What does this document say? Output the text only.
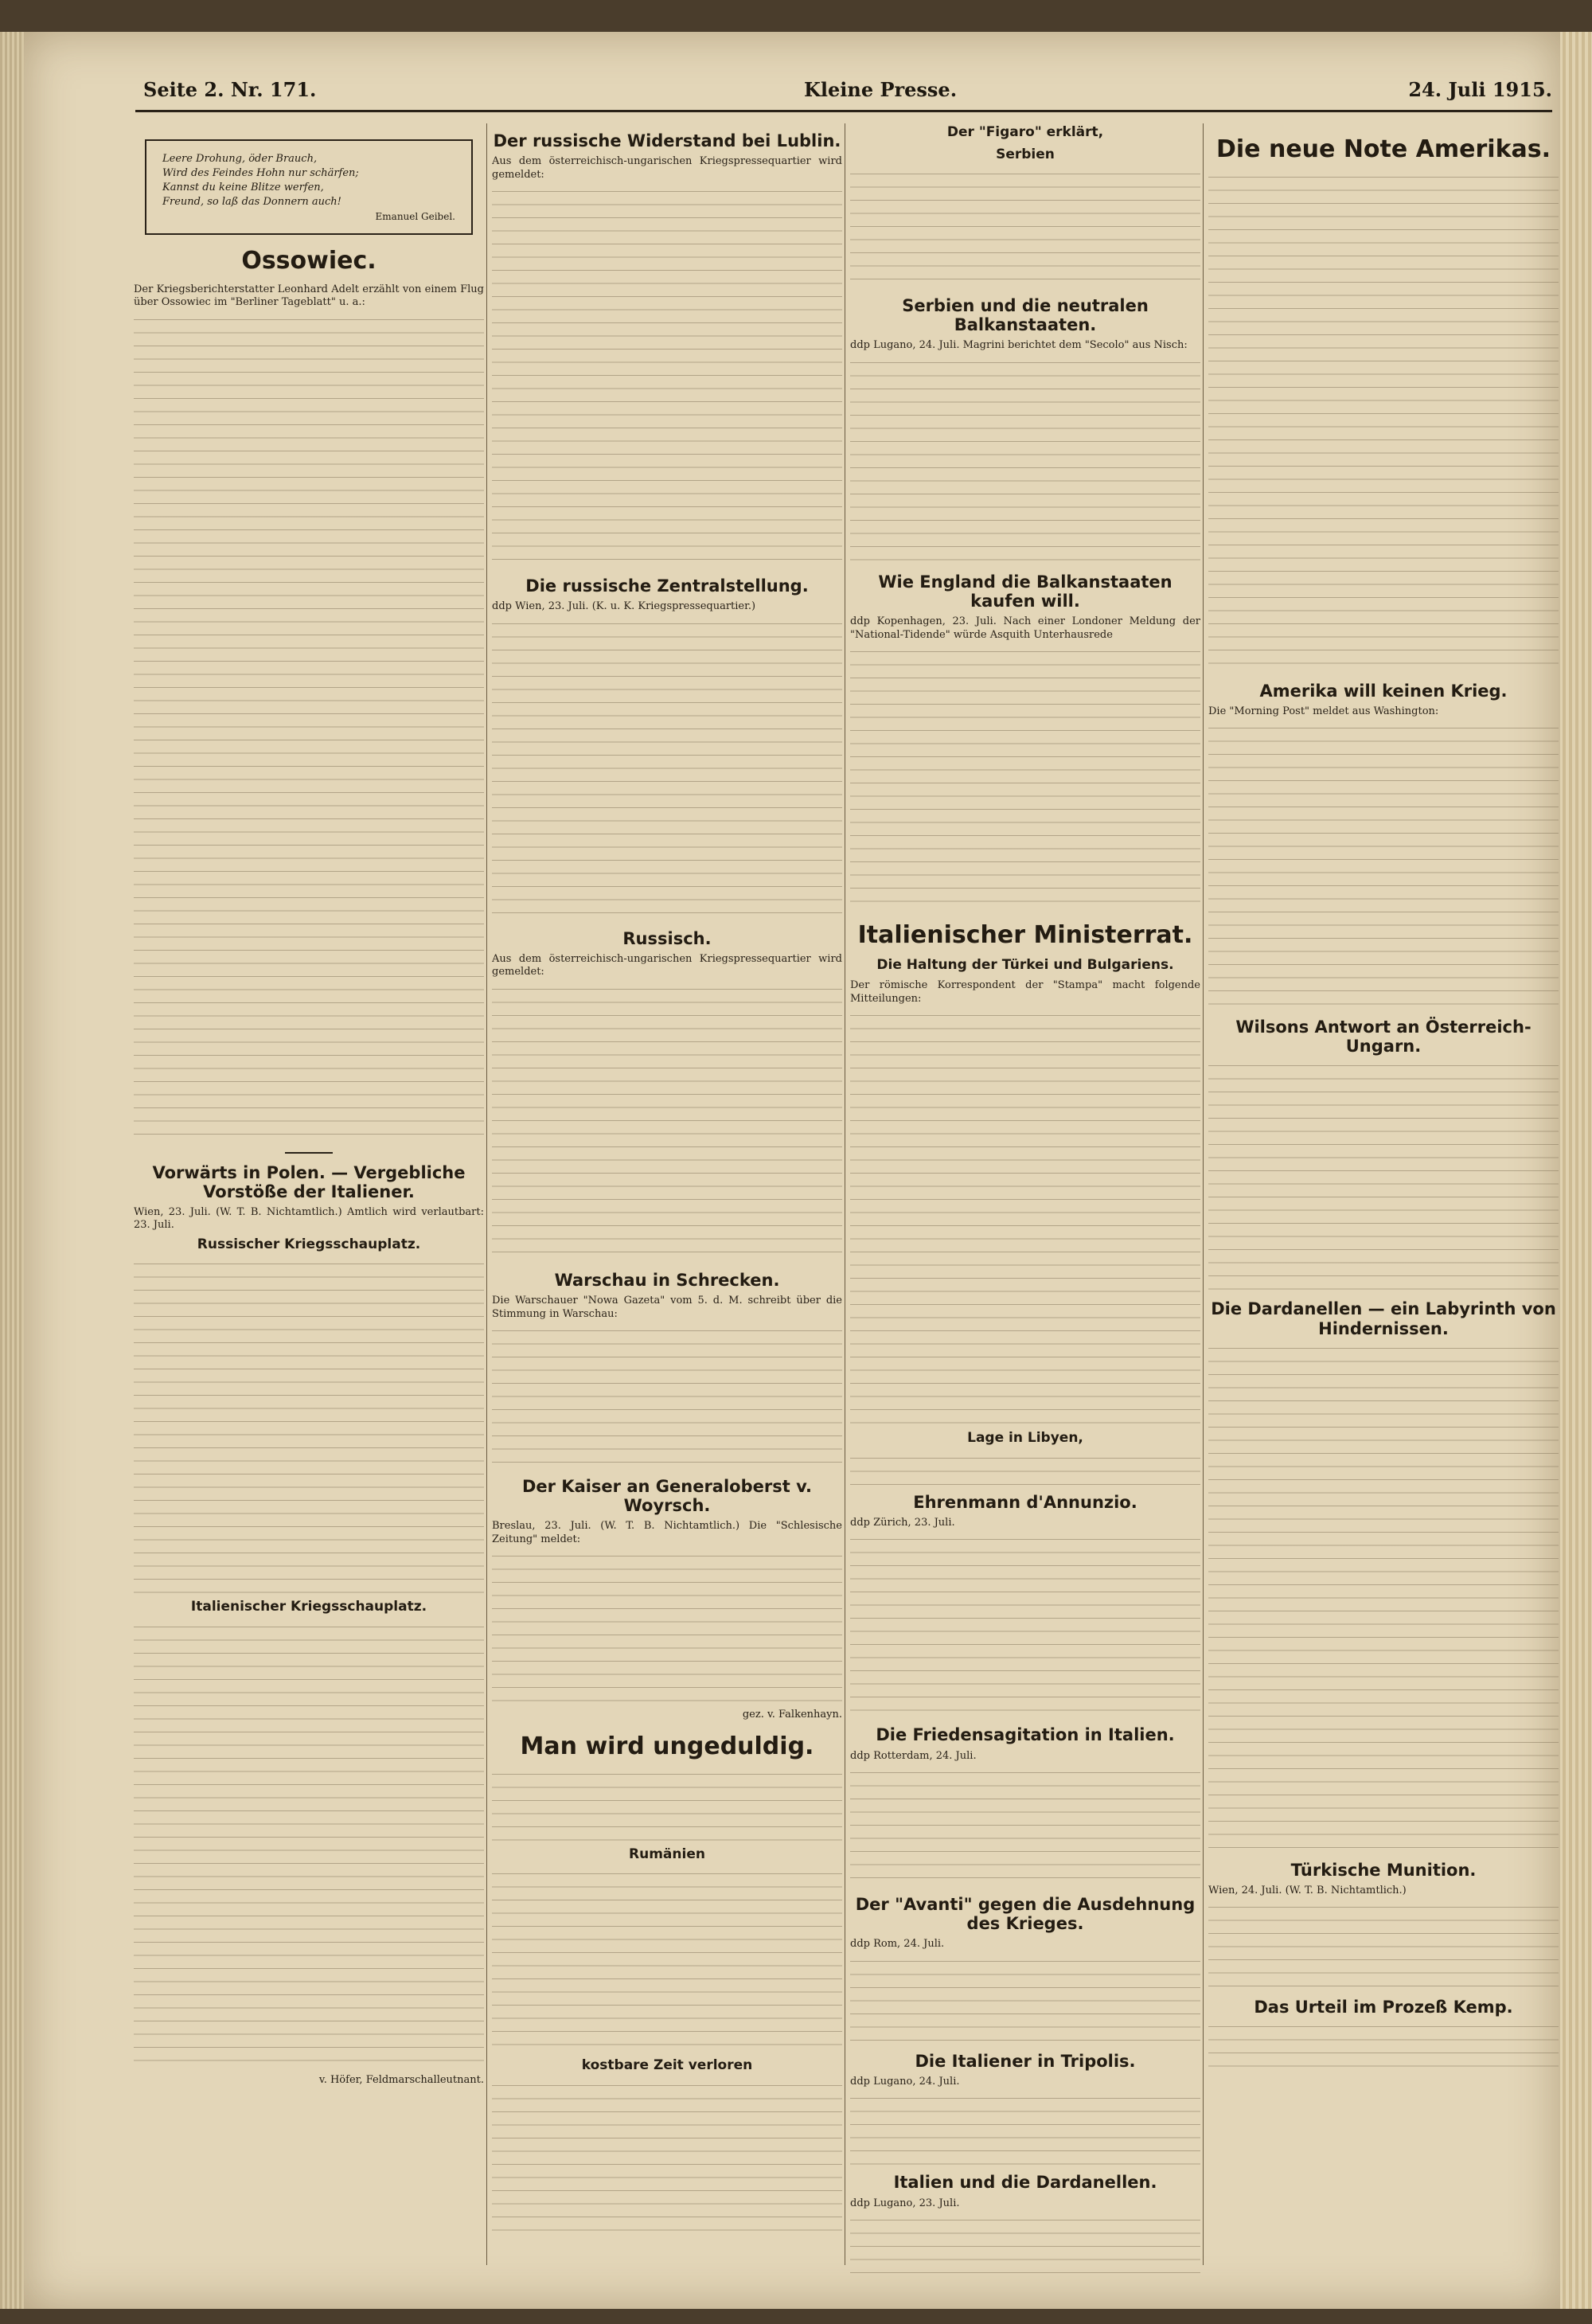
Seite 2. Nr. 171.	Kleine Presse.	24. Juli 1915.
Leere Drohung, öder Brauch,
Wird des Feindes Hohn nur schärfen;
Kannst du keine Blitze werfen,
Freund, so laß das Donnern auch!
Emanuel Geibel.
Ossowiec.

Der Kriegsberichterstatter Leonhard Adelt erzählt von einem Flug über Ossowiec im "Berliner Tageblatt" u. a.:

Vorwärts in Polen. — Vergebliche Vorstöße der Italiener.

Wien, 23. Juli. (W. T. B. Nichtamtlich.) Amtlich wird verlautbart: 23. Juli.

Russischer Kriegsschauplatz.
Italienischer Kriegsschauplatz.
v. Höfer, Feldmarschalleutnant.
Der russische Widerstand bei Lublin.

Aus dem österreichisch-ungarischen Kriegspressequartier wird gemeldet:

Die russische Zentralstellung.

ddp Wien, 23. Juli. (K. u. K. Kriegspressequartier.)

Russisch.

Aus dem österreichisch-ungarischen Kriegspressequartier wird gemeldet:

Warschau in Schrecken.

Die Warschauer "Nowa Gazeta" vom 5. d. M. schreibt über die Stimmung in Warschau:

Der Kaiser an Generaloberst v. Woyrsch.

Breslau, 23. Juli. (W. T. B. Nichtamtlich.) Die "Schlesische Zeitung" meldet:

gez. v. Falkenhayn.
Man wird ungeduldig.
Rumänien
kostbare Zeit verloren
Der "Figaro" erklärt,
Serbien
Serbien und die neutralen Balkanstaaten.

ddp Lugano, 24. Juli. Magrini berichtet dem "Secolo" aus Nisch:

Wie England die Balkanstaaten kaufen will.

ddp Kopenhagen, 23. Juli. Nach einer Londoner Meldung der "National-Tidende" würde Asquith Unterhausrede

Italienischer Ministerrat.
Die Haltung der Türkei und Bulgariens.

Der römische Korrespondent der "Stampa" macht folgende Mitteilungen:

Lage in Libyen,
Ehrenmann d'Annunzio.

ddp Zürich, 23. Juli.

Die Friedensagitation in Italien.

ddp Rotterdam, 24. Juli.

Der "Avanti" gegen die Ausdehnung des Krieges.

ddp Rom, 24. Juli.

Die Italiener in Tripolis.

ddp Lugano, 24. Juli.

Italien und die Dardanellen.

ddp Lugano, 23. Juli.

Die neue Note Amerikas.
Amerika will keinen Krieg.

Die "Morning Post" meldet aus Washington:

Wilsons Antwort an Österreich-Ungarn.
Die Dardanellen — ein Labyrinth von Hindernissen.
Türkische Munition.

Wien, 24. Juli. (W. T. B. Nichtamtlich.)

Das Urteil im Prozeß Kemp.
